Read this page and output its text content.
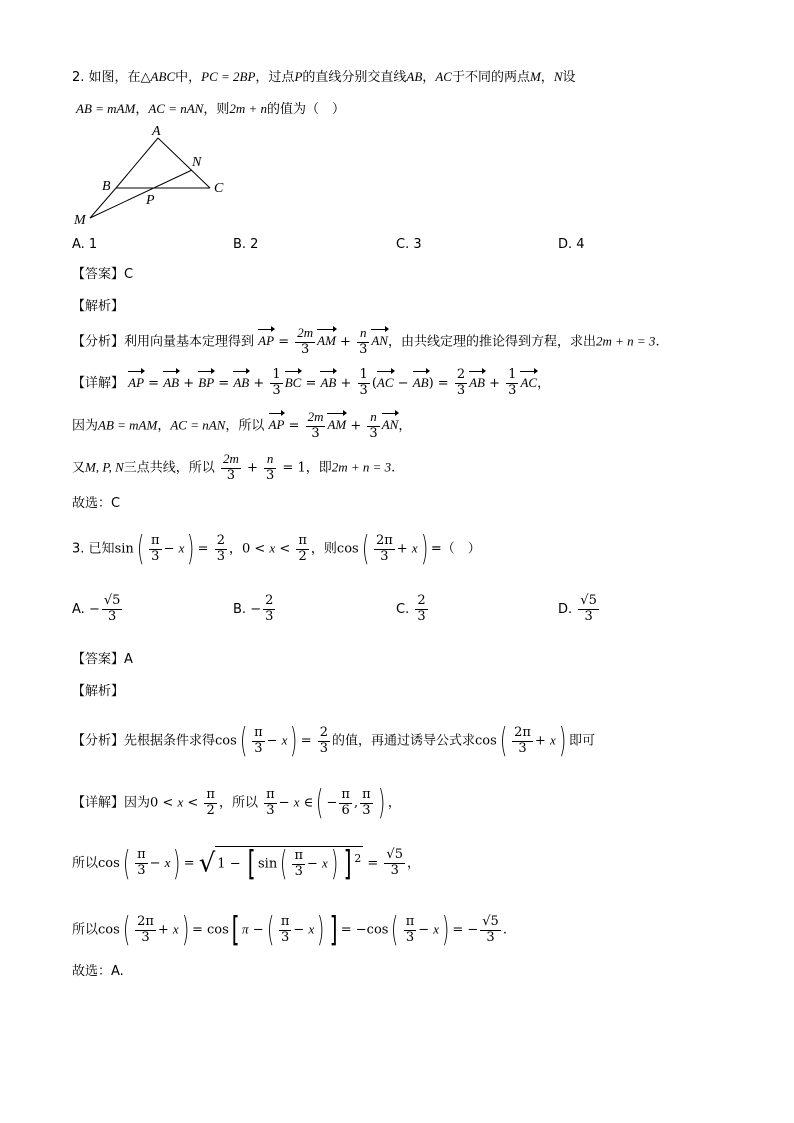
2. 如图，在△ABC中，PC = 2BP，过点P的直线分别交直线AB，AC于不同的两点M，N设
AB = mAM，AC = nAN，则2m + n的值为（　）
A
N
B	C
P
M
A. 1	B. 2	C. 3	D. 4
【答案】C
【解析】
【分析】利用向量基本定理得到 AP = $\frac{2m}{3}$ AM + $\frac{n}{3}$ AN，由共线定理的推论得到方程，求出2m + n = 3.
【详解】 AP = AB + BP = AB + $\frac{1}{3}$ BC = AB + $\frac{1}{3} (AC - AB) = \frac{2}{3}$ AB + $\frac{1}{3}$ AC，
因为AB = mAM，AC = nAN，所以 AP = $\frac{2m}{3}$ AM + $\frac{n}{3}$ AN，
又M, P, N三点共线，所以 $\frac{2m}{3} + \frac{n}{3} = 1$，即2m + n = 3.
故选：C
3. 已知$\sin( \frac{\pi}{3} - x) = \frac{2}{3}$ ，$0 < x < \frac{\pi}{2}$ ，则$\cos( \frac{2\pi}{3} + x)$ =（　）
A. − $\frac{√5}{3}$	B. − $\frac{2}{3}$	C. $\frac{2}{3}$	D. $\frac{√5}{3}$
【答案】A
【解析】
【分析】先根据条件求得$\cos( \frac{\pi}{3} - x) = \frac{2}{3}$ 的值，再通过诱导公式求$\cos( \frac{2\pi}{3} + x)$ 即可
【详解】因为$0 < x < \frac{\pi}{2}$ ，所以 $\frac{\pi}{3} - x$ ∈( − $\frac{\pi}{6}$ , $\frac{\pi}{3}$ ) ，
所以$\cos( \frac{\pi}{3} - x)$ = √ 1 − [ $\sin( \frac{\pi}{3} - x)$ ] $^2 = \frac{√5}{3}$ ，
所以$\cos( \frac{2\pi}{3} + x) = \cos$[ π −( $\frac{\pi}{3} - x$) ] = $-\cos( \frac{\pi}{3} - x)$ = − $\frac{√5}{3}$ .
故选：A.
